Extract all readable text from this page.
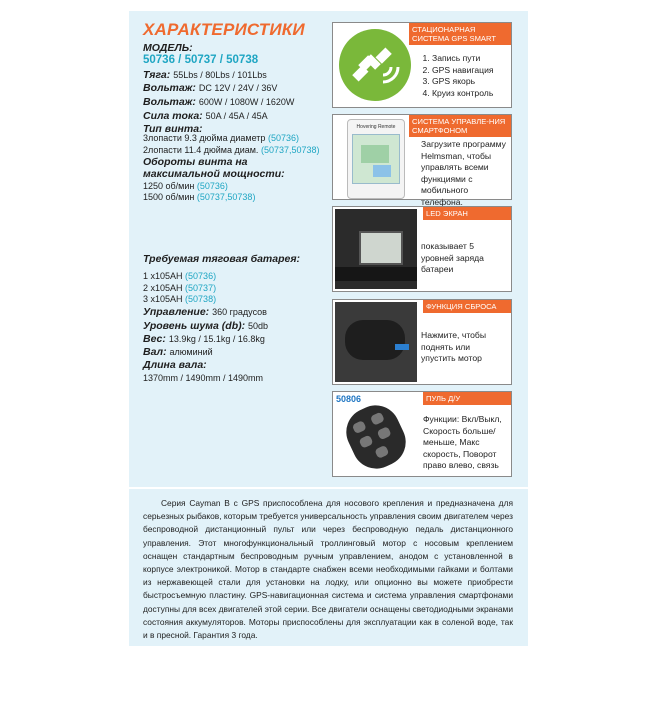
ХАРАКТЕРИСТИКИ
МОДЕЛЬ:
50736 / 50737 / 50738
Тяга: 55Lbs / 80Lbs / 101Lbs
Вольтаж: DC 12V / 24V / 36V
Вольтаж: 600W / 1080W / 1620W
Сила тока: 50A / 45A / 45A
Тип винта:
3лопасти 9.3 дюйма диаметр (50736)
2лопасти 11.4 дюйма диам. (50737,50738)
Обороты винта на
максимальной мощности:
1250 об/мин (50736)
1500 об/мин (50737,50738)
Требуемая тяговая батарея:
1 x105AH (50736)
2 x105AH (50737)
3 x105AH (50738)
Управление: 360 градусов
Уровень шума (db): 50db
Вес: 13.9kg / 15.1kg / 16.8kg
Вал: алюминий
Длина вала:
1370mm / 1490mm / 1490mm
СТАЦИОНАРНАЯ СИСТЕМА GPS SMART
1. Запись пути
2. GPS навигация
3. GPS якорь
4. Круиз контроль
Hovering Remote
СИСТЕМА УПРАВЛЕ-НИЯ СМАРТФОНОМ
Загрузите программу Helmsman, чтобы управлять всеми функциями с мобильного телефона.
LED ЭКРАН
показывает 5 уровней заряда батареи
ФУНКЦИЯ СБРОСА
Нажмите, чтобы поднять или упустить мотор
50806	ПУЛЬ Д/У
Функции: Вкл/Выкл, Скорость больше/меньше, Макс скорость, Поворот право влево, связь

Серия Cayman B с GPS приспособлена для носового крепления и предназначена для серьезных рыбаков, которым требуется универсальность управления своим двигателем через беспроводной дистанционный пульт или через беспроводную педаль дистанционного управления. Этот многофункциональный троллинговый мотор с носовым креплением оснащен стандартным беспроводным ручным управлением, анодом с установленной в корпусе электроникой. Мотор в стандарте снабжен всеми необходимыми гайками и болтами из нержавеющей стали для установки на лодку, или опционно вы можете приобрести быстросъемную пластину. GPS-навигационная система и система управления смартфонами доступны для всех двигателей этой серии. Все двигатели оснащены светодиодными экранами состояния аккумуляторов. Моторы приспособлены для эксплуатации как в соленой воде, так и в пресной. Гарантия 3 года.
